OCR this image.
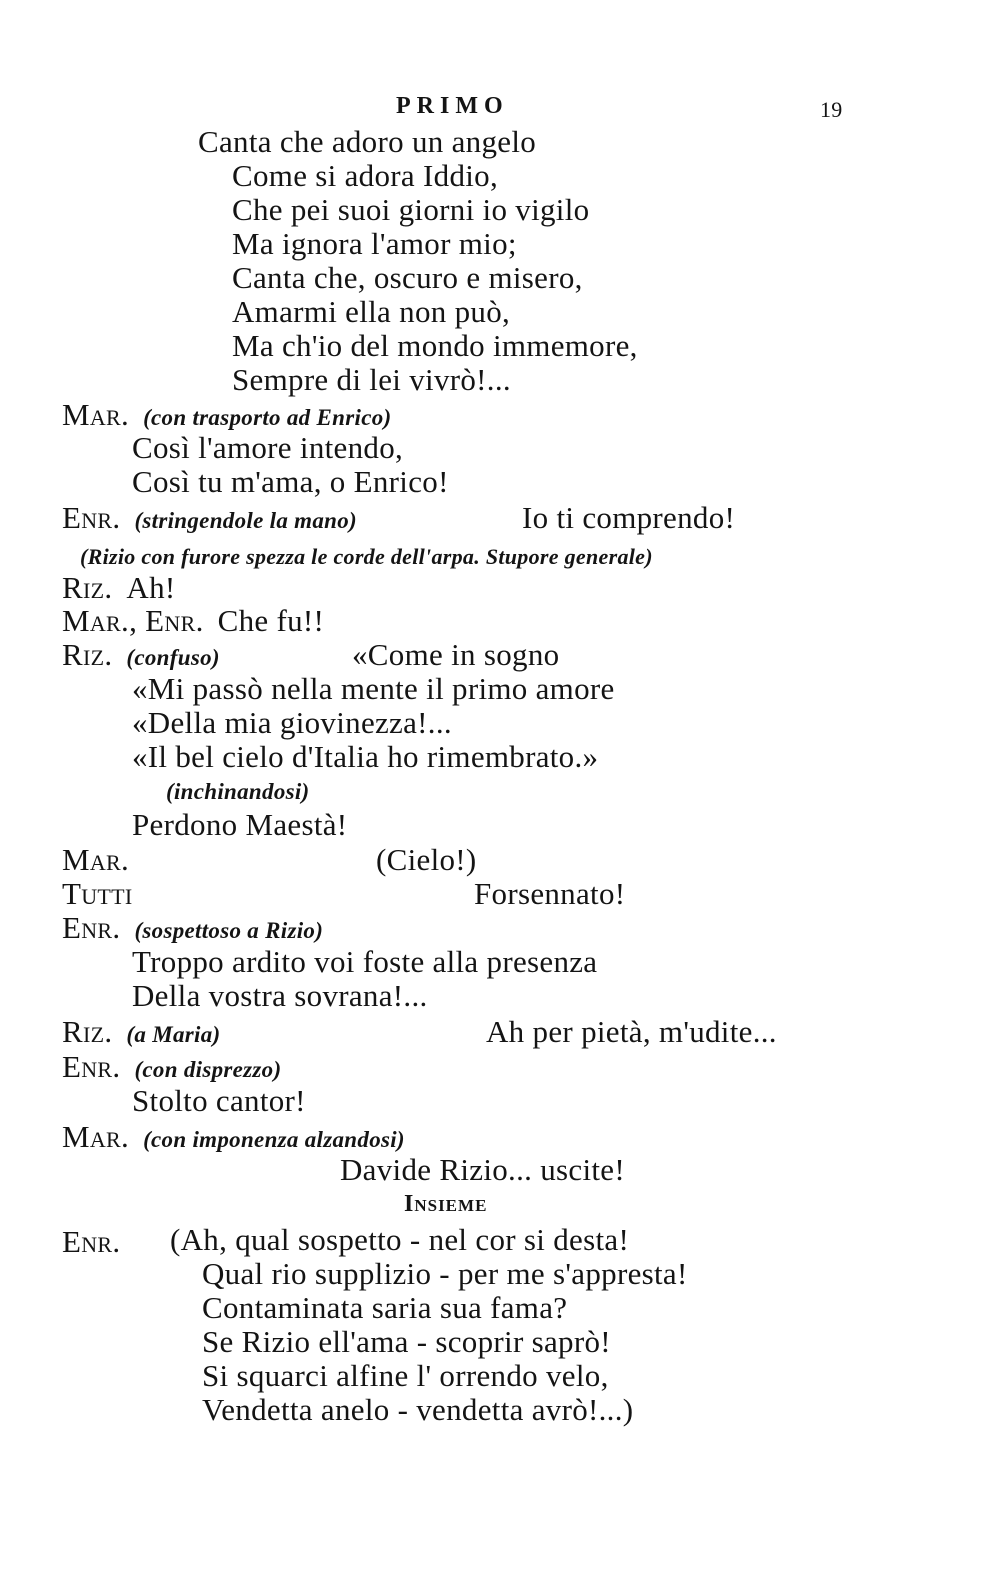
PRIMO	19
Canta che adoro un angelo
Come si adora Iddio,
Che pei suoi giorni io vigilo
Ma ignora l'amor mio;
Canta che, oscuro e misero,
Amarmi ella non può,
Ma ch'io del mondo immemore,
Sempre di lei vivrò!...
Mar. (con trasporto ad Enrico)
Così l'amore intendo,
Così tu m'ama, o Enrico!
Enr. (stringendole la mano)	Io ti comprendo!
(Rizio con furore spezza le corde dell'arpa. Stupore generale)
Riz. Ah!
Mar., Enr. Che fu!!
Riz. (confuso)	«Come in sogno
«Mi passò nella mente il primo amore
«Della mia giovinezza!...
«Il bel cielo d'Italia ho rimembrato.»
(inchinandosi)
Perdono Maestà!
Mar.	(Cielo!)
Tutti	Forsennato!
Enr. (sospettoso a Rizio)
Troppo ardito voi foste alla presenza
Della vostra sovrana!...
Riz. (a Maria)	Ah per pietà, m'udite...
Enr. (con disprezzo)
Stolto cantor!
Mar. (con imponenza alzandosi)
Davide Rizio... uscite!
Insieme
Enr. (Ah, qual sospetto - nel cor si desta!
Qual rio supplizio - per me s'appresta!
Contaminata saria sua fama?
Se Rizio ell'ama - scoprir saprò!
Si squarci alfine l' orrendo velo,
Vendetta anelo - vendetta avrò!...)
